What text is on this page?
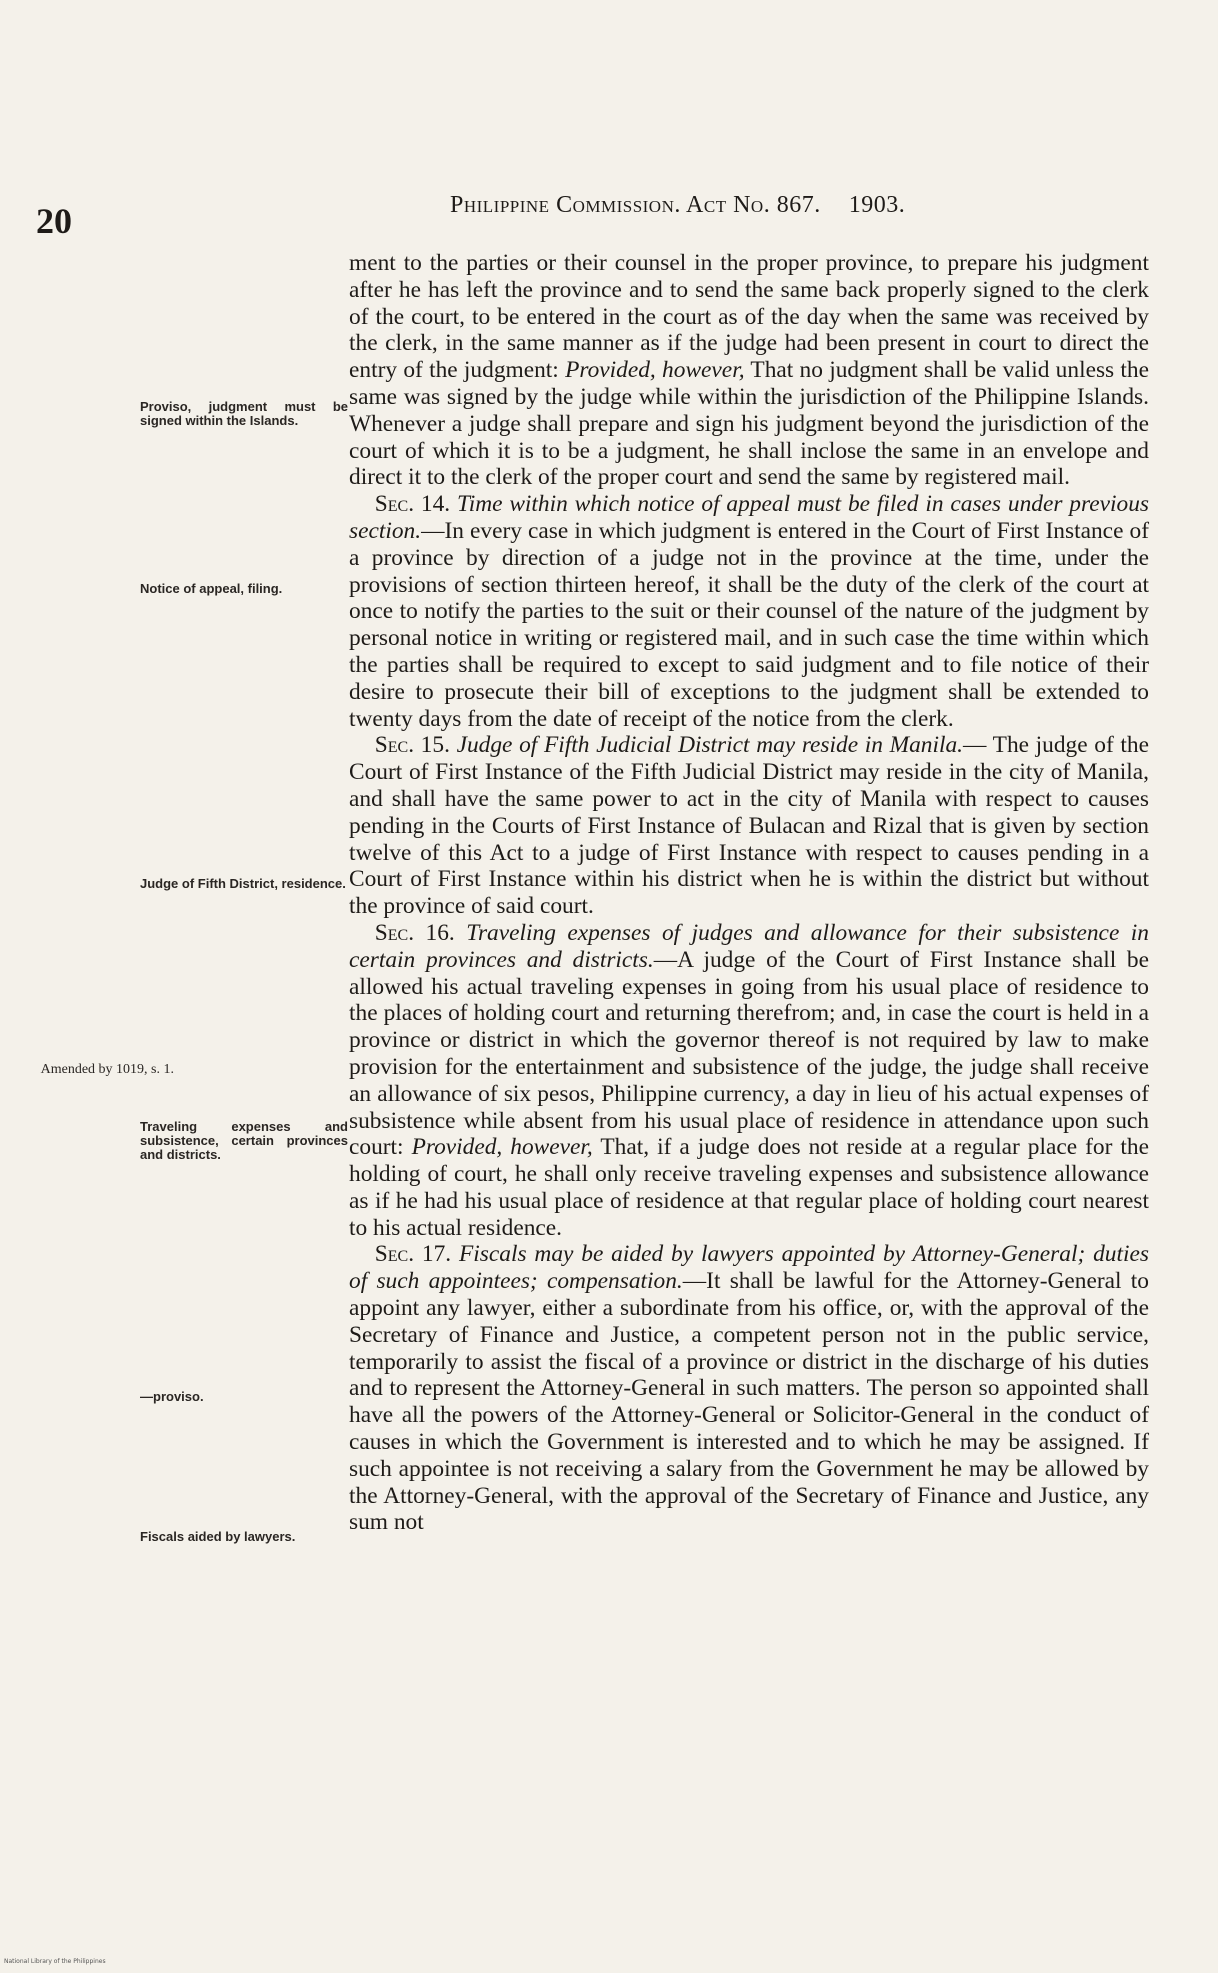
20	Philippine Commission. Act No. 867. 1903.
Proviso, judgment must be signed within the Islands.
Notice of appeal, filing.
Judge of Fifth District, residence.
Amended by 1019, s. 1.
Traveling expenses and subsistence, certain provinces and districts.
—proviso.
Fiscals aided by lawyers.

ment to the parties or their counsel in the proper province, to prepare his judgment after he has left the province and to send the same back properly signed to the clerk of the court, to be entered in the court as of the day when the same was received by the clerk, in the same manner as if the judge had been present in court to direct the entry of the judgment: Provided, however, That no judgment shall be valid unless the same was signed by the judge while within the jurisdiction of the Philippine Islands. Whenever a judge shall prepare and sign his judgment beyond the jurisdiction of the court of which it is to be a judgment, he shall inclose the same in an envelope and direct it to the clerk of the proper court and send the same by registered mail.

Sec. 14. Time within which notice of appeal must be filed in cases under previous section.—In every case in which judgment is entered in the Court of First Instance of a province by direction of a judge not in the province at the time, under the provisions of section thirteen hereof, it shall be the duty of the clerk of the court at once to notify the parties to the suit or their counsel of the nature of the judgment by personal notice in writing or registered mail, and in such case the time within which the parties shall be required to except to said judgment and to file notice of their desire to prosecute their bill of exceptions to the judgment shall be extended to twenty days from the date of receipt of the notice from the clerk.

Sec. 15. Judge of Fifth Judicial District may reside in Manila.— The judge of the Court of First Instance of the Fifth Judicial District may reside in the city of Manila, and shall have the same power to act in the city of Manila with respect to causes pending in the Courts of First Instance of Bulacan and Rizal that is given by section twelve of this Act to a judge of First Instance with respect to causes pending in a Court of First Instance within his district when he is within the district but without the province of said court.

Sec. 16. Traveling expenses of judges and allowance for their subsistence in certain provinces and districts.—A judge of the Court of First Instance shall be allowed his actual traveling expenses in going from his usual place of residence to the places of holding court and returning therefrom; and, in case the court is held in a province or district in which the governor thereof is not required by law to make provision for the entertainment and subsistence of the judge, the judge shall receive an allowance of six pesos, Philippine currency, a day in lieu of his actual expenses of subsistence while absent from his usual place of residence in attendance upon such court: Provided, however, That, if a judge does not reside at a regular place for the holding of court, he shall only receive traveling expenses and subsistence allowance as if he had his usual place of residence at that regular place of holding court nearest to his actual residence.

Sec. 17. Fiscals may be aided by lawyers appointed by Attorney-General; duties of such appointees; compensation.—It shall be lawful for the Attorney-General to appoint any lawyer, either a subordinate from his office, or, with the approval of the Secretary of Finance and Justice, a competent person not in the public service, temporarily to assist the fiscal of a province or district in the discharge of his duties and to represent the Attorney-General in such matters. The person so appointed shall have all the powers of the Attorney-General or Solicitor-General in the conduct of causes in which the Government is interested and to which he may be assigned. If such appointee is not receiving a salary from the Government he may be allowed by the Attorney-General, with the approval of the Secretary of Finance and Justice, any sum not

National Library of the Philippines
